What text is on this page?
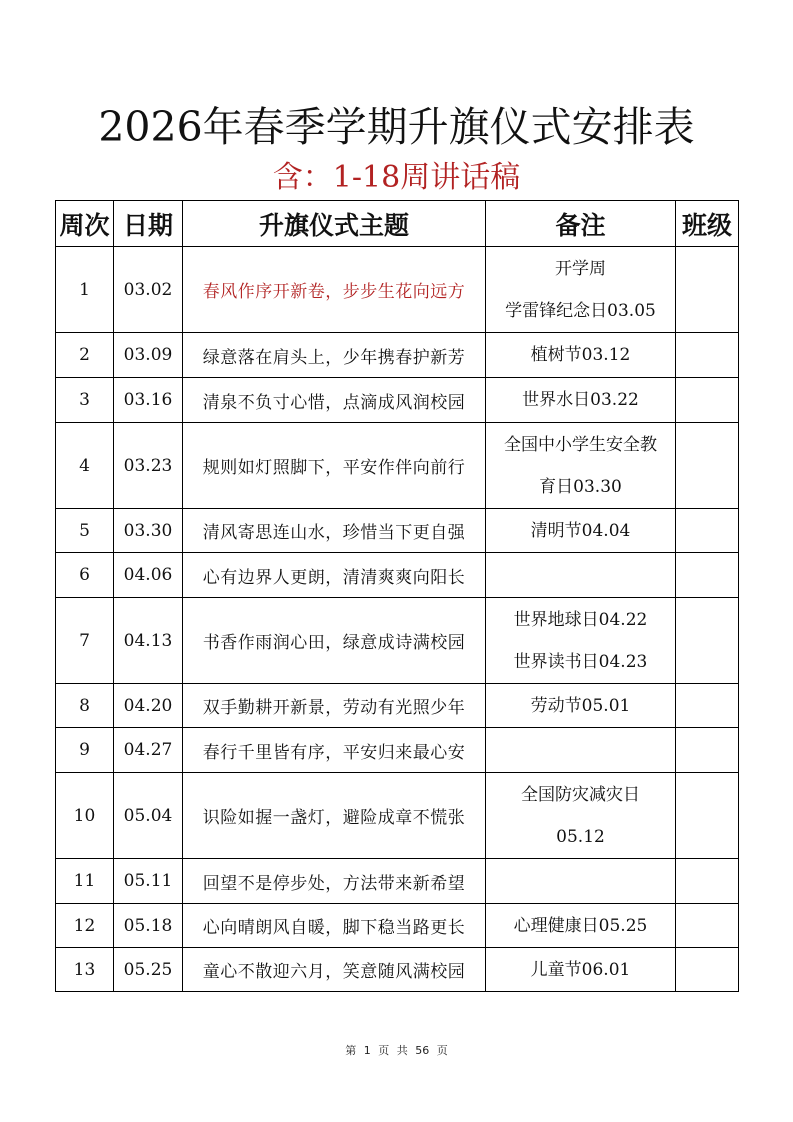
2026年春季学期升旗仪式安排表
含：1-18周讲话稿
周次	日期	升旗仪式主题	备注	班级
1	03.02	春风作序开新卷，步步生花向远方	开学周
学雷锋纪念日03.05	

2	03.09	绿意落在肩头上，少年携春护新芳	植树节03.12	

3	03.16	清泉不负寸心惜，点滴成风润校园	世界水日03.22	

4	03.23	规则如灯照脚下，平安作伴向前行	全国中小学生安全教
育日03.30	

5	03.30	清风寄思连山水，珍惜当下更自强	清明节04.04	

6	04.06	心有边界人更朗，清清爽爽向阳长		
7	04.13	书香作雨润心田，绿意成诗满校园	世界地球日04.22
世界读书日04.23	

8	04.20	双手勤耕开新景，劳动有光照少年	劳动节05.01	

9	04.27	春行千里皆有序，平安归来最心安		
10	05.04	识险如握一盏灯，避险成章不慌张	全国防灾减灾日
05.12	

11	05.11	回望不是停步处，方法带来新希望		
12	05.18	心向晴朗风自暖，脚下稳当路更长	心理健康日05.25	

13	05.25	童心不散迎六月，笑意随风满校园	儿童节06.01	

第 1 页 共 56 页
